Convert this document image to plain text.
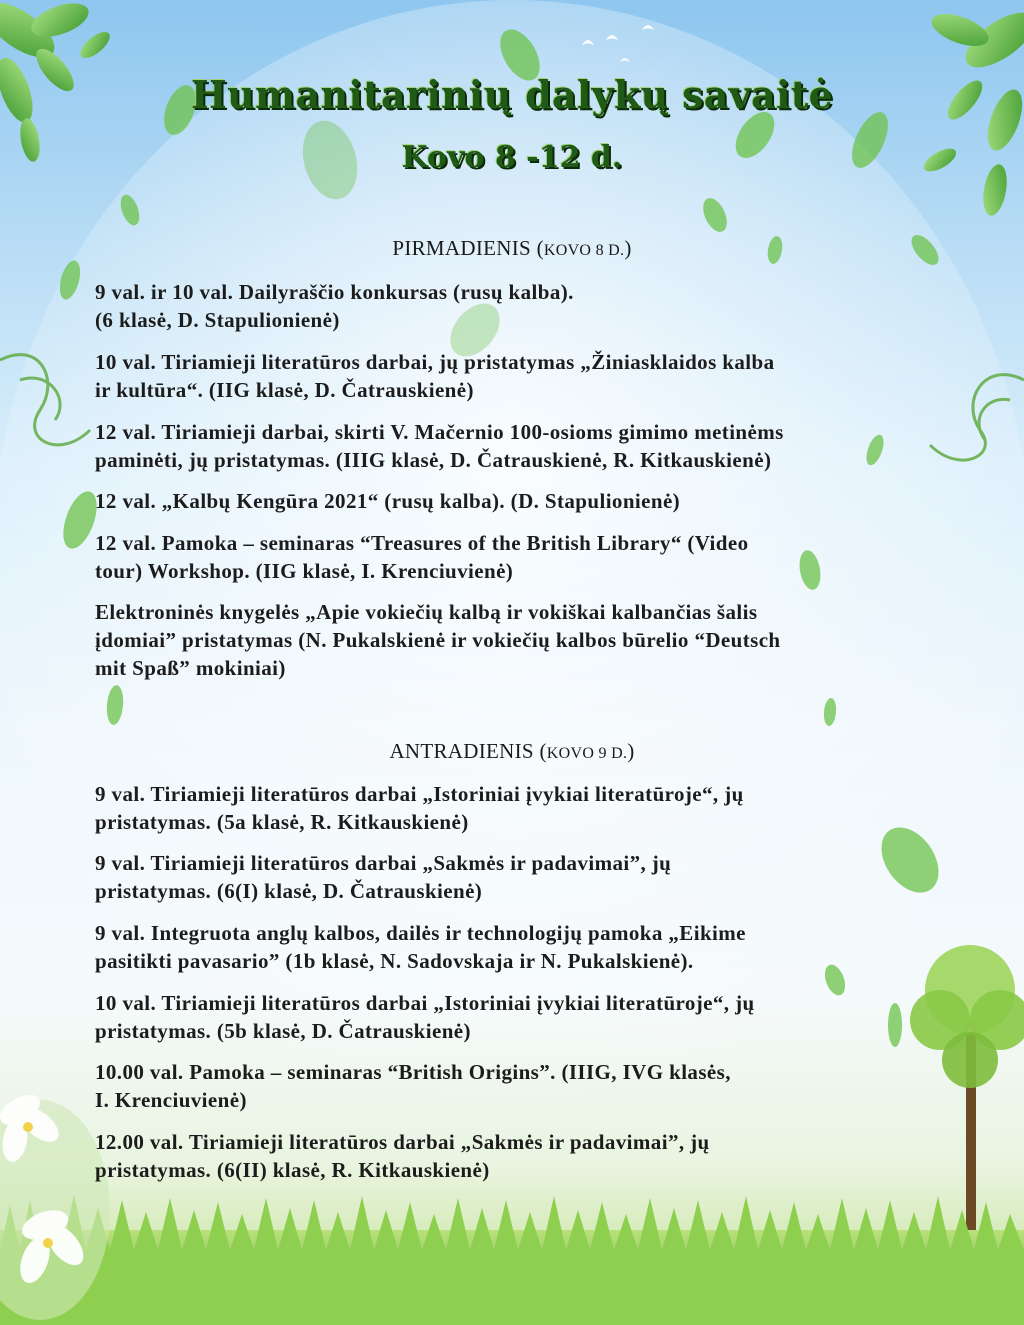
Humanitarinių dalykų savaitė
Kovo 8 -12 d.
PIRMADIENIS (KOVO 8 D.)

9 val. ir 10 val. Dailyraščio konkursas (rusų kalba).
(6 klasė, D. Stapulionienė)

10 val. Tiriamieji literatūros darbai, jų pristatymas „Žiniasklaidos kalba
ir kultūra“. (IIG klasė, D. Čatrauskienė)

12 val. Tiriamieji darbai, skirti V. Mačernio 100-osioms gimimo metinėms
paminėti, jų pristatymas. (IIIG klasė, D. Čatrauskienė, R. Kitkauskienė)

12 val. „Kalbų Kengūra 2021“ (rusų kalba). (D. Stapulionienė)

12 val. Pamoka – seminaras “Treasures of the British Library“ (Video
tour) Workshop. (IIG klasė, I. Krenciuvienė)

Elektroninės knygelės „Apie vokiečių kalbą ir vokiškai kalbančias šalis
įdomiai” pristatymas (N. Pukalskienė ir vokiečių kalbos būrelio “Deutsch
mit Spaß” mokiniai)

ANTRADIENIS (KOVO 9 D.)

9 val. Tiriamieji literatūros darbai „Istoriniai įvykiai literatūroje“, jų
pristatymas. (5a klasė, R. Kitkauskienė)

9 val. Tiriamieji literatūros darbai „Sakmės ir padavimai”, jų
pristatymas. (6(I) klasė, D. Čatrauskienė)

9 val. Integruota anglų kalbos, dailės ir technologijų pamoka „Eikime
pasitikti pavasario” (1b klasė, N. Sadovskaja ir N. Pukalskienė).

10 val. Tiriamieji literatūros darbai „Istoriniai įvykiai literatūroje“, jų
pristatymas. (5b klasė, D. Čatrauskienė)

10.00 val. Pamoka – seminaras “British Origins”. (IIIG, IVG klasės,
I. Krenciuvienė)

12.00 val. Tiriamieji literatūros darbai „Sakmės ir padavimai”, jų
pristatymas. (6(II) klasė, R. Kitkauskienė)
